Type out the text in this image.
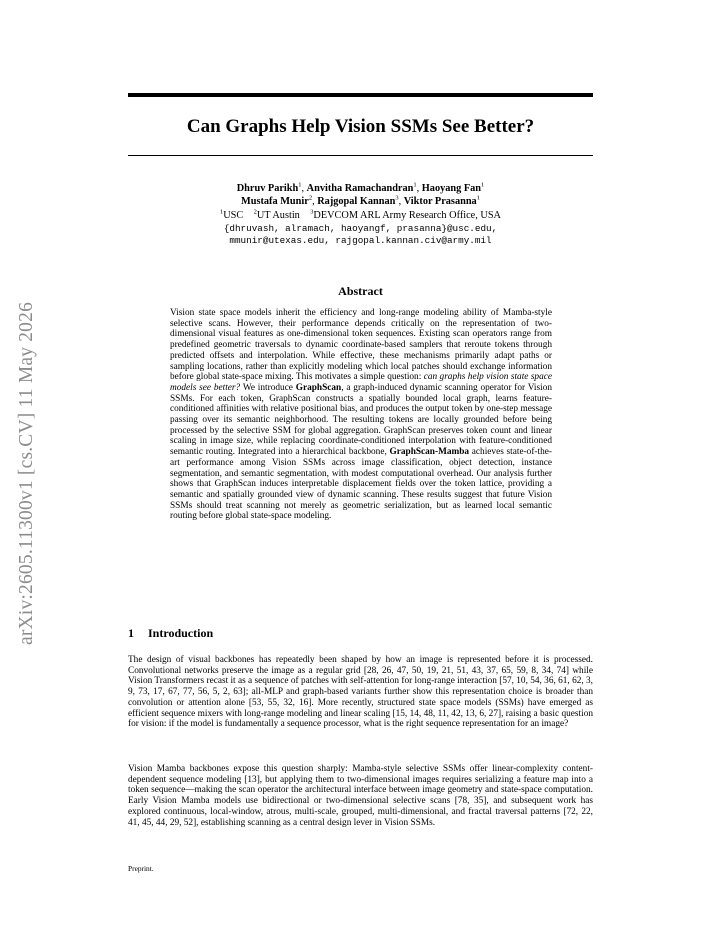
arXiv:2605.11300v1 [cs.CV] 11 May 2026
Can Graphs Help Vision SSMs See Better?
Dhruv Parikh$^1$, Anvitha Ramachandran$^1$, Haoyang Fan$^1$
Mustafa Munir$^2$, Rajgopal Kannan$^3$, Viktor Prasanna$^1$
$^1$USC $^2$UT Austin $^3$DEVCOM ARL Army Research Office, USA
{dhruvash, alramach, haoyangf, prasanna}@usc.edu,
mmunir@utexas.edu, rajgopal.kannan.civ@army.mil
Abstract

Vision state space models inherit the efficiency and long-range modeling ability of Mamba-style selective scans. However, their performance depends critically on the representation of two-dimensional visual features as one-dimensional token sequences. Existing scan operators range from predefined geometric traversals to dynamic coordinate-based samplers that reroute tokens through predicted offsets and interpolation. While effective, these mechanisms primarily adapt paths or sampling locations, rather than explicitly modeling which local patches should exchange information before global state-space mixing. This motivates a simple question: can graphs help vision state space models see better? We introduce GraphScan, a graph-induced dynamic scanning operator for Vision SSMs. For each token, GraphScan constructs a spatially bounded local graph, learns feature-conditioned affinities with relative positional bias, and produces the output token by one-step message passing over its semantic neighborhood. The resulting tokens are locally grounded before being processed by the selective SSM for global aggregation. GraphScan preserves token count and linear scaling in image size, while replacing coordinate-conditioned interpolation with feature-conditioned semantic routing. Integrated into a hierarchical backbone, GraphScan-Mamba achieves state-of-the-art performance among Vision SSMs across image classification, object detection, instance segmentation, and semantic segmentation, with modest computational overhead. Our analysis further shows that GraphScan induces interpretable displacement fields over the token lattice, providing a semantic and spatially grounded view of dynamic scanning. These results suggest that future Vision SSMs should treat scanning not merely as geometric serialization, but as learned local semantic routing before global state-space modeling.

1 Introduction

The design of visual backbones has repeatedly been shaped by how an image is represented before it is processed. Convolutional networks preserve the image as a regular grid [28, 26, 47, 50, 19, 21, 51, 43, 37, 65, 59, 8, 34, 74] while Vision Transformers recast it as a sequence of patches with self-attention for long-range interaction [57, 10, 54, 36, 61, 62, 3, 9, 73, 17, 67, 77, 56, 5, 2, 63]; all-MLP and graph-based variants further show this representation choice is broader than convolution or attention alone [53, 55, 32, 16]. More recently, structured state space models (SSMs) have emerged as efficient sequence mixers with long-range modeling and linear scaling [15, 14, 48, 11, 42, 13, 6, 27], raising a basic question for vision: if the model is fundamentally a sequence processor, what is the right sequence representation for an image?

Vision Mamba backbones expose this question sharply: Mamba-style selective SSMs offer linear-complexity content-dependent sequence modeling [13], but applying them to two-dimensional images requires serializing a feature map into a token sequence—making the scan operator the architectural interface between image geometry and state-space computation. Early Vision Mamba models use bidirectional or two-dimensional selective scans [78, 35], and subsequent work has explored continuous, local-window, atrous, multi-scale, grouped, multi-dimensional, and fractal traversal patterns [72, 22, 41, 45, 44, 29, 52], establishing scanning as a central design lever in Vision SSMs.

Preprint.
